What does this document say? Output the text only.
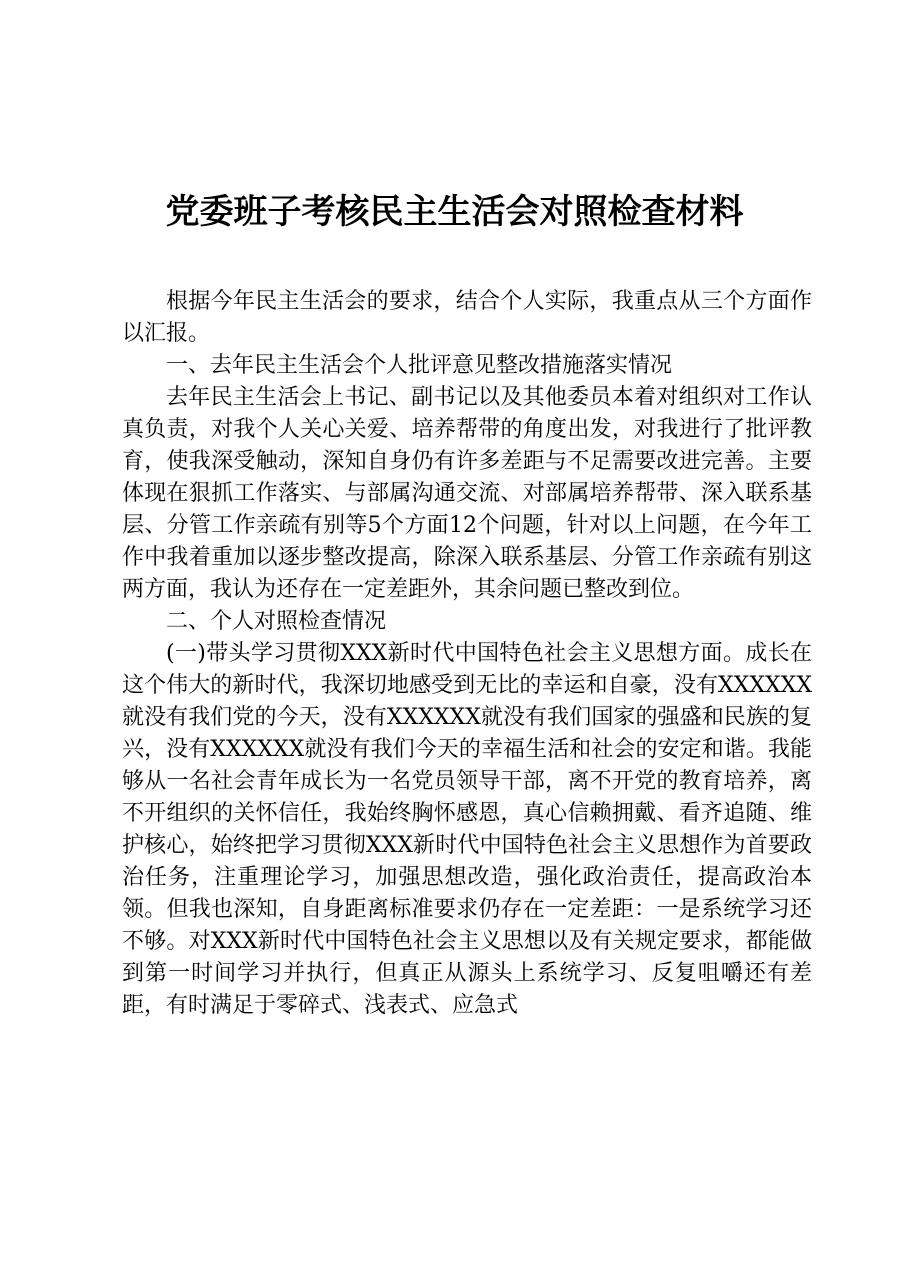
党委班子考核民主生活会对照检查材料

根据今年民主生活会的要求，结合个人实际，我重点从三个方面作以汇报。

一、去年民主生活会个人批评意见整改措施落实情况

去年民主生活会上书记、副书记以及其他委员本着对组织对工作认真负责，对我个人关心关爱、培养帮带的角度出发，对我进行了批评教育，使我深受触动，深知自身仍有许多差距与不足需要改进完善。主要体现在狠抓工作落实、与部属沟通交流、对部属培养帮带、深入联系基层、分管工作亲疏有别等5个方面12个问题，针对以上问题，在今年工作中我着重加以逐步整改提高，除深入联系基层、分管工作亲疏有别这两方面，我认为还存在一定差距外，其余问题已整改到位。

二、个人对照检查情况

(一)带头学习贯彻XXX新时代中国特色社会主义思想方面。成长在这个伟大的新时代，我深切地感受到无比的幸运和自豪，没有XXXXXX就没有我们党的今天，没有XXXXXX就没有我们国家的强盛和民族的复兴，没有XXXXXX就没有我们今天的幸福生活和社会的安定和谐。我能够从一名社会青年成长为一名党员领导干部，离不开党的教育培养，离不开组织的关怀信任，我始终胸怀感恩，真心信赖拥戴、看齐追随、维护核心，始终把学习贯彻XXX新时代中国特色社会主义思想作为首要政治任务，注重理论学习，加强思想改造，强化政治责任，提高政治本领。但我也深知，自身距离标准要求仍存在一定差距：一是系统学习还不够。对XXX新时代中国特色社会主义思想以及有关规定要求，都能做到第一时间学习并执行，但真正从源头上系统学习、反复咀嚼还有差距，有时满足于零碎式、浅表式、应急式
